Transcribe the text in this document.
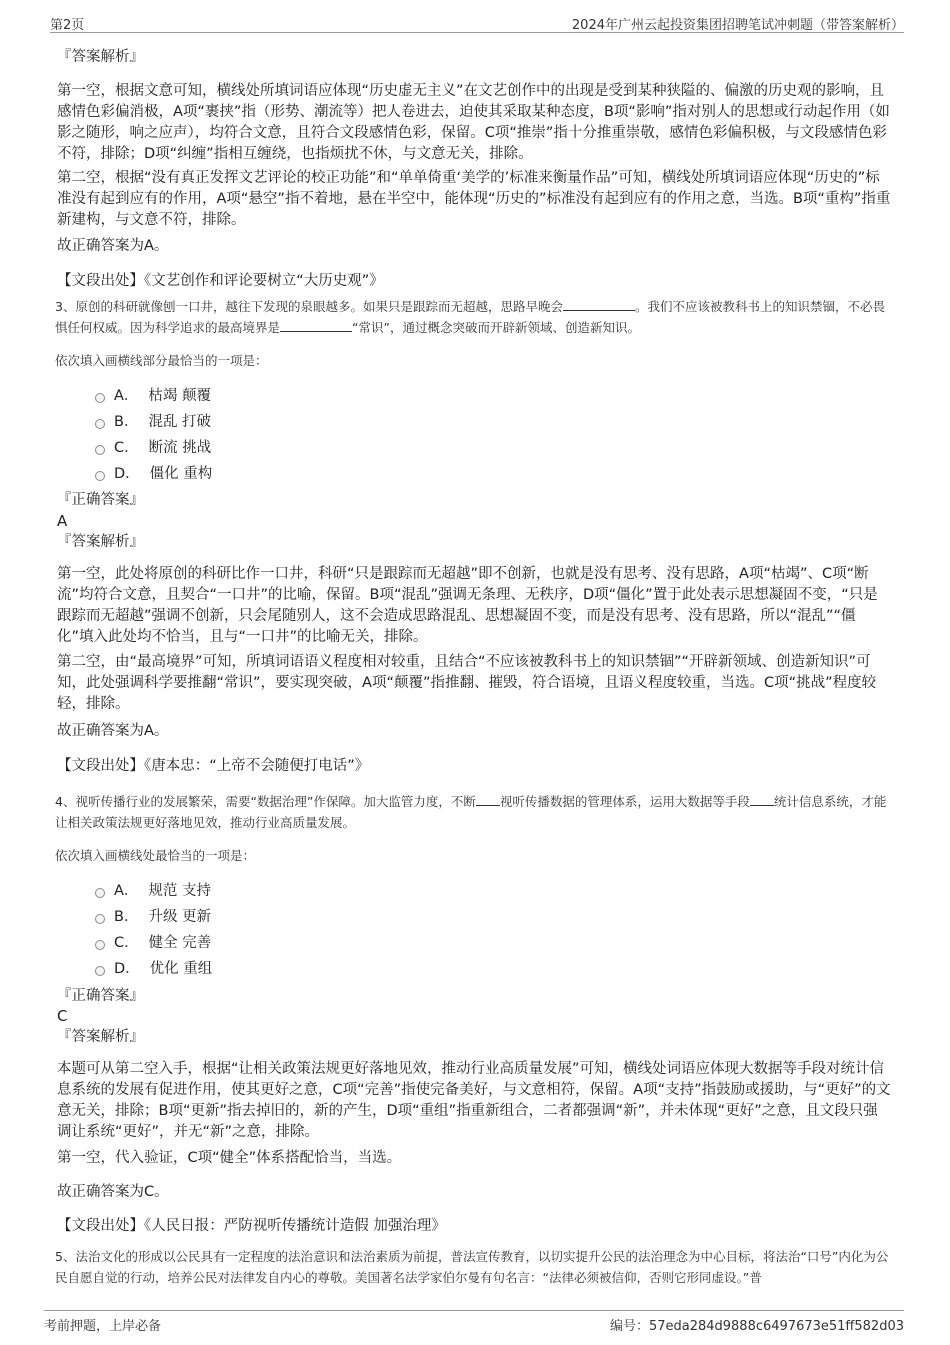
第2页	2024年广州云起投资集团招聘笔试冲刺题（带答案解析）

『答案解析』

第一空，根据文意可知，横线处所填词语应体现“历史虚无主义”在文艺创作中的出现是受到某种狭隘的、偏激的历史观的影响，且感情色彩偏消极，A项“裹挟”指（形势、潮流等）把人卷进去，迫使其采取某种态度，B项“影响”指对别人的思想或行动起作用（如影之随形，响之应声），均符合文意，且符合文段感情色彩，保留。C项“推崇”指十分推重崇敬，感情色彩偏积极，与文段感情色彩不符，排除；D项“纠缠”指相互缠绕，也指烦扰不休，与文意无关，排除。

第二空，根据“没有真正发挥文艺评论的校正功能”和“单单倚重‘美学的’标准来衡量作品”可知，横线处所填词语应体现“历史的”标准没有起到应有的作用，A项“悬空”指不着地，悬在半空中，能体现“历史的”标准没有起到应有的作用之意，当选。B项“重构”指重新建构，与文意不符，排除。

故正确答案为A。

【文段出处】《文艺创作和评论要树立“大历史观”》

3、原创的科研就像刨一口井，越往下发现的泉眼越多。如果只是跟踪而无超越，思路早晚会	。我们不应该被教科书上的知识禁锢，不必畏惧任何权威。因为科学追求的最高境界是	“常识”，通过概念突破而开辟新领域、创造新知识。

依次填入画横线部分最恰当的一项是：

A． 枯竭 颠覆
B． 混乱 打破
C． 断流 挑战
D． 僵化 重构

『正确答案』

A

『答案解析』

第一空，此处将原创的科研比作一口井，科研“只是跟踪而无超越”即不创新，也就是没有思考、没有思路，A项“枯竭”、C项“断流”均符合文意，且契合“一口井”的比喻，保留。B项“混乱”强调无条理、无秩序，D项“僵化”置于此处表示思想凝固不变，“只是跟踪而无超越”强调不创新，只会尾随别人，这不会造成思路混乱、思想凝固不变，而是没有思考、没有思路，所以“混乱”“僵化”填入此处均不恰当，且与“一口井”的比喻无关，排除。

第二空，由“最高境界”可知，所填词语语义程度相对较重，且结合“不应该被教科书上的知识禁锢”“开辟新领域、创造新知识”可知，此处强调科学要推翻“常识”，要实现突破，A项“颠覆”指推翻、摧毁，符合语境，且语义程度较重，当选。C项“挑战”程度较轻，排除。

故正确答案为A。

【文段出处】《唐本忠：“上帝不会随便打电话”》

4、视听传播行业的发展繁荣，需要“数据治理”作保障。加大监管力度，不断 视听传播数据的管理体系，运用大数据等手段 统计信息系统，才能让相关政策法规更好落地见效，推动行业高质量发展。

依次填入画横线处最恰当的一项是：

A． 规范 支持
B． 升级 更新
C． 健全 完善
D． 优化 重组

『正确答案』

C

『答案解析』

本题可从第二空入手，根据“让相关政策法规更好落地见效，推动行业高质量发展”可知，横线处词语应体现大数据等手段对统计信息系统的发展有促进作用，使其更好之意，C项“完善”指使完备美好，与文意相符，保留。A项“支持”指鼓励或援助，与“更好”的文意无关，排除；B项“更新”指去掉旧的，新的产生，D项“重组”指重新组合，二者都强调“新”，并未体现“更好”之意，且文段只强调让系统“更好”，并无“新”之意，排除。

第一空，代入验证，C项“健全”体系搭配恰当，当选。

故正确答案为C。

【文段出处】《人民日报：严防视听传播统计造假 加强治理》

5、法治文化的形成以公民具有一定程度的法治意识和法治素质为前提，普法宣传教育，以切实提升公民的法治理念为中心目标，将法治“口号”内化为公民自愿自觉的行动，培养公民对法律发自内心的尊敬。美国著名法学家伯尔曼有句名言：“法律必须被信仰，否则它形同虚设。”普

考前押题，上岸必备	编号：57eda284d9888c6497673e51ff582d03
